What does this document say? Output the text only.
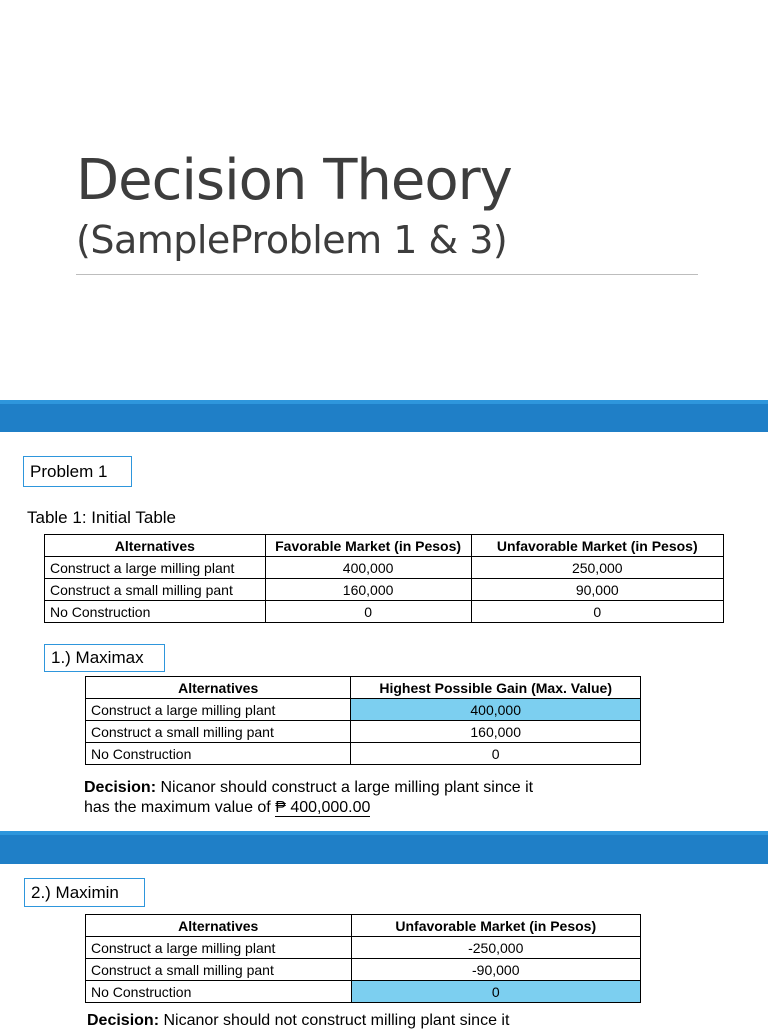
Decision Theory
(SampleProblem 1 & 3)
Problem 1
Table 1: Initial Table
Alternatives	Favorable Market (in Pesos)	Unfavorable Market (in Pesos)
Construct a large milling plant	400,000	250,000
Construct a small milling pant	160,000	90,000
No Construction	0	0
1.) Maximax
Alternatives	Highest Possible Gain (Max. Value)
Construct a large milling plant	400,000
Construct a small milling pant	160,000
No Construction	0
Decision: Nicanor should construct a large milling plant since it
has the maximum value of ₱ 400,000.00
2.) Maximin
Alternatives	Unfavorable Market (in Pesos)
Construct a large milling plant	-250,000
Construct a small milling pant	-90,000
No Construction	0
Decision: Nicanor should not construct milling plant since it
